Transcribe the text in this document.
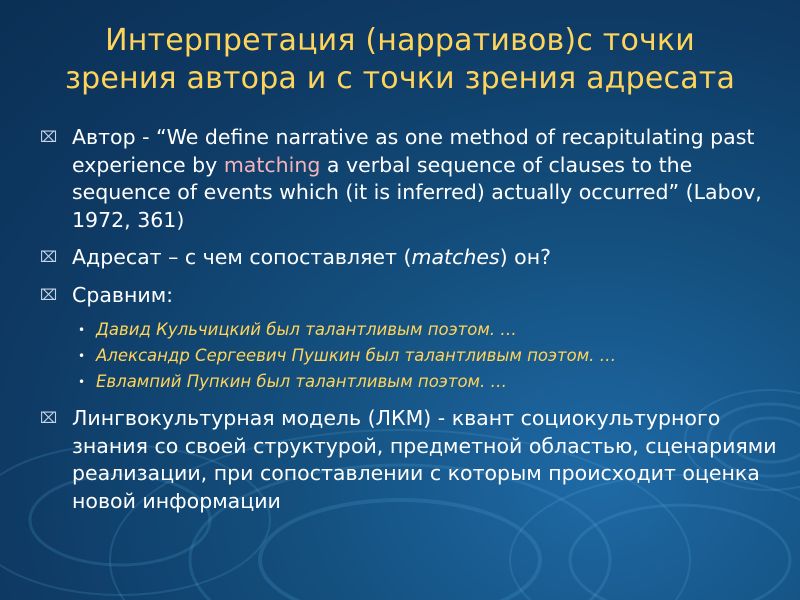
Интерпретация (нарративов)с точки
зрения автора и с точки зрения адресата
⌧ Автор - “We define narrative as one method of recapitulating past experience by matching a verbal sequence of clauses to the sequence of events which (it is inferred) actually occurred” (Labov, 1972, 361)
⌧ Адресат – с чем сопоставляет (matches) он?
⌧ Сравним:
• Давид Кульчицкий был талантливым поэтом. …
• Александр Сергеевич Пушкин был талантливым поэтом. …
• Евлампий Пупкин был талантливым поэтом. …
⌧ Лингвокультурная модель (ЛКМ) - квант социокультурного знания со своей структурой, предметной областью, сценариями реализации, при сопоставлении с которым происходит оценка новой информации
